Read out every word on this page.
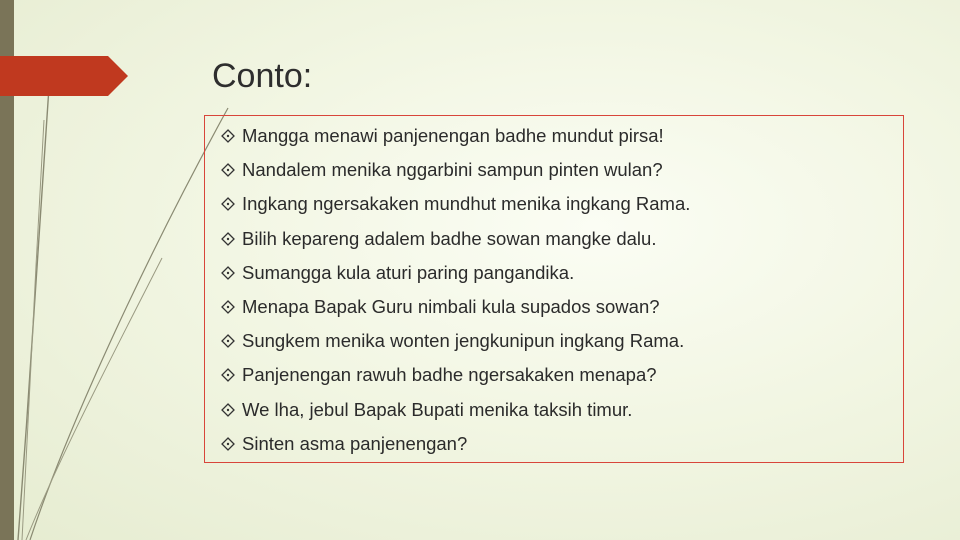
Conto:
Mangga menawi panjenengan badhe mundut pirsa!
Nandalem menika nggarbini sampun pinten wulan?
Ingkang ngersakaken mundhut menika ingkang Rama.
Bilih kepareng adalem badhe sowan mangke dalu.
Sumangga kula aturi paring pangandika.
Menapa Bapak Guru nimbali kula supados sowan?
Sungkem menika wonten jengkunipun ingkang Rama.
Panjenengan rawuh badhe ngersakaken menapa?
We lha, jebul Bapak Bupati menika taksih timur.
Sinten asma panjenengan?
